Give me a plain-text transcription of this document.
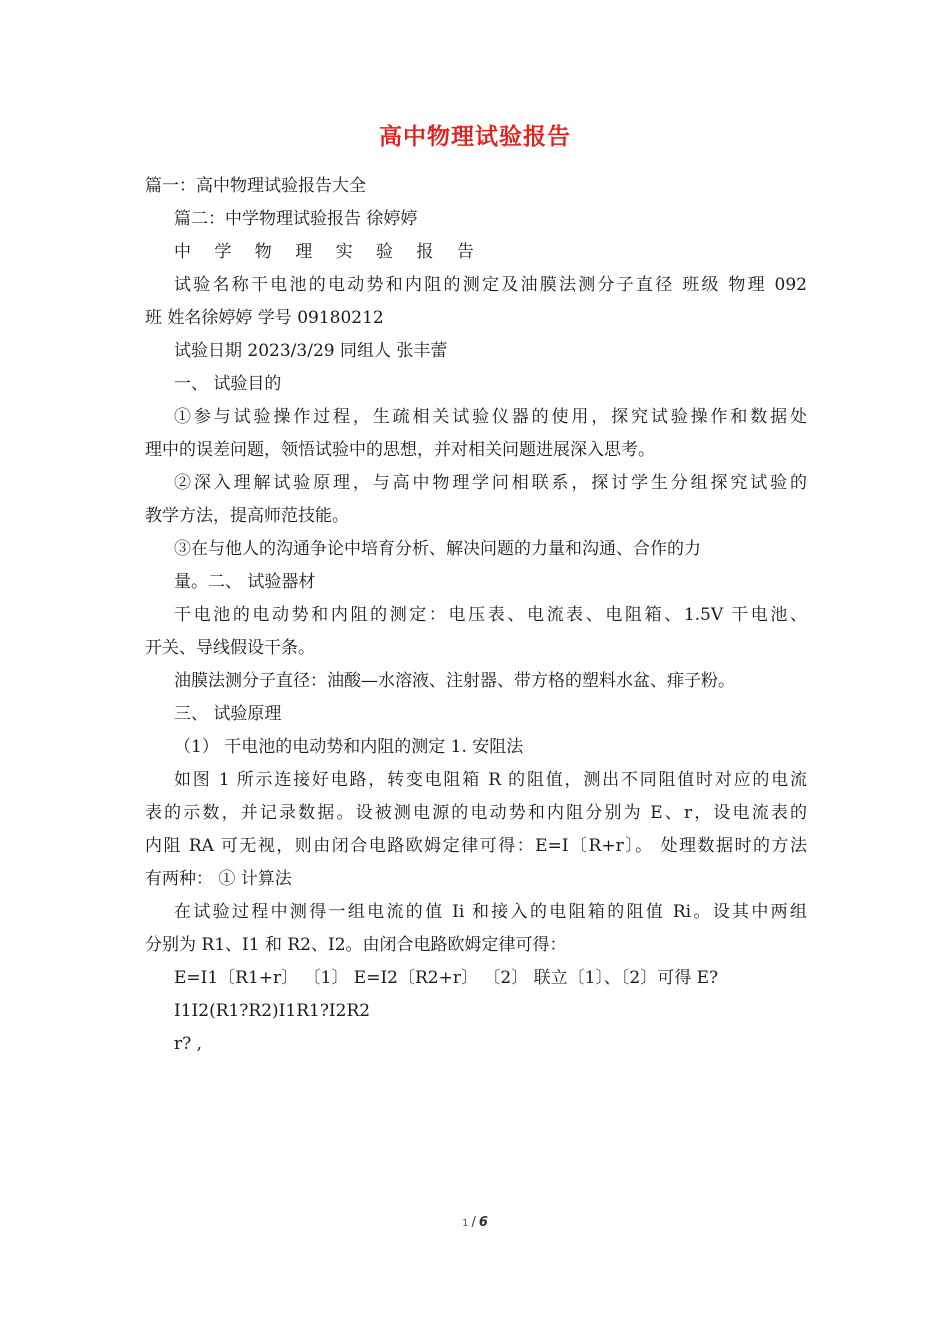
高中物理试验报告

篇一：高中物理试验报告大全

篇二：中学物理试验报告 徐婷婷

中 学 物 理 实 验 报 告

试验名称干电池的电动势和内阻的测定及油膜法测分子直径 班级 物理 092

班 姓名徐婷婷 学号 09180212

试验日期 2023/3/29 同组人 张丰蕾

一、 试验目的

①参与试验操作过程，生疏相关试验仪器的使用，探究试验操作和数据处

理中的误差问题，领悟试验中的思想，并对相关问题进展深入思考。

②深入理解试验原理，与高中物理学问相联系，探讨学生分组探究试验的

教学方法，提高师范技能。

③在与他人的沟通争论中培育分析、解决问题的力量和沟通、合作的力

量。二、 试验器材

干电池的电动势和内阻的测定：电压表、电流表、电阻箱、1.5V 干电池、

开关、导线假设干条。

油膜法测分子直径：油酸—水溶液、注射器、带方格的塑料水盆、痱子粉。

三、 试验原理

（1） 干电池的电动势和内阻的测定 1. 安阻法

如图 1 所示连接好电路，转变电阻箱 R 的阻值，测出不同阻值时对应的电流

表的示数，并记录数据。设被测电源的电动势和内阻分别为 E、r，设电流表的

内阻 RA 可无视，则由闭合电路欧姆定律可得：E=I〔R+r〕。 处理数据时的方法

有两种： ① 计算法

在试验过程中测得一组电流的值 Ii 和接入的电阻箱的阻值 Ri。设其中两组

分别为 R1、I1 和 R2、I2。由闭合电路欧姆定律可得：

E=I1〔R1+r〕 〔1〕 E=I2〔R2+r〕 〔2〕 联立〔1〕、〔2〕可得 E?

I1I2(R1?R2)I1R1?I2R2

r? ,

1 / 6
